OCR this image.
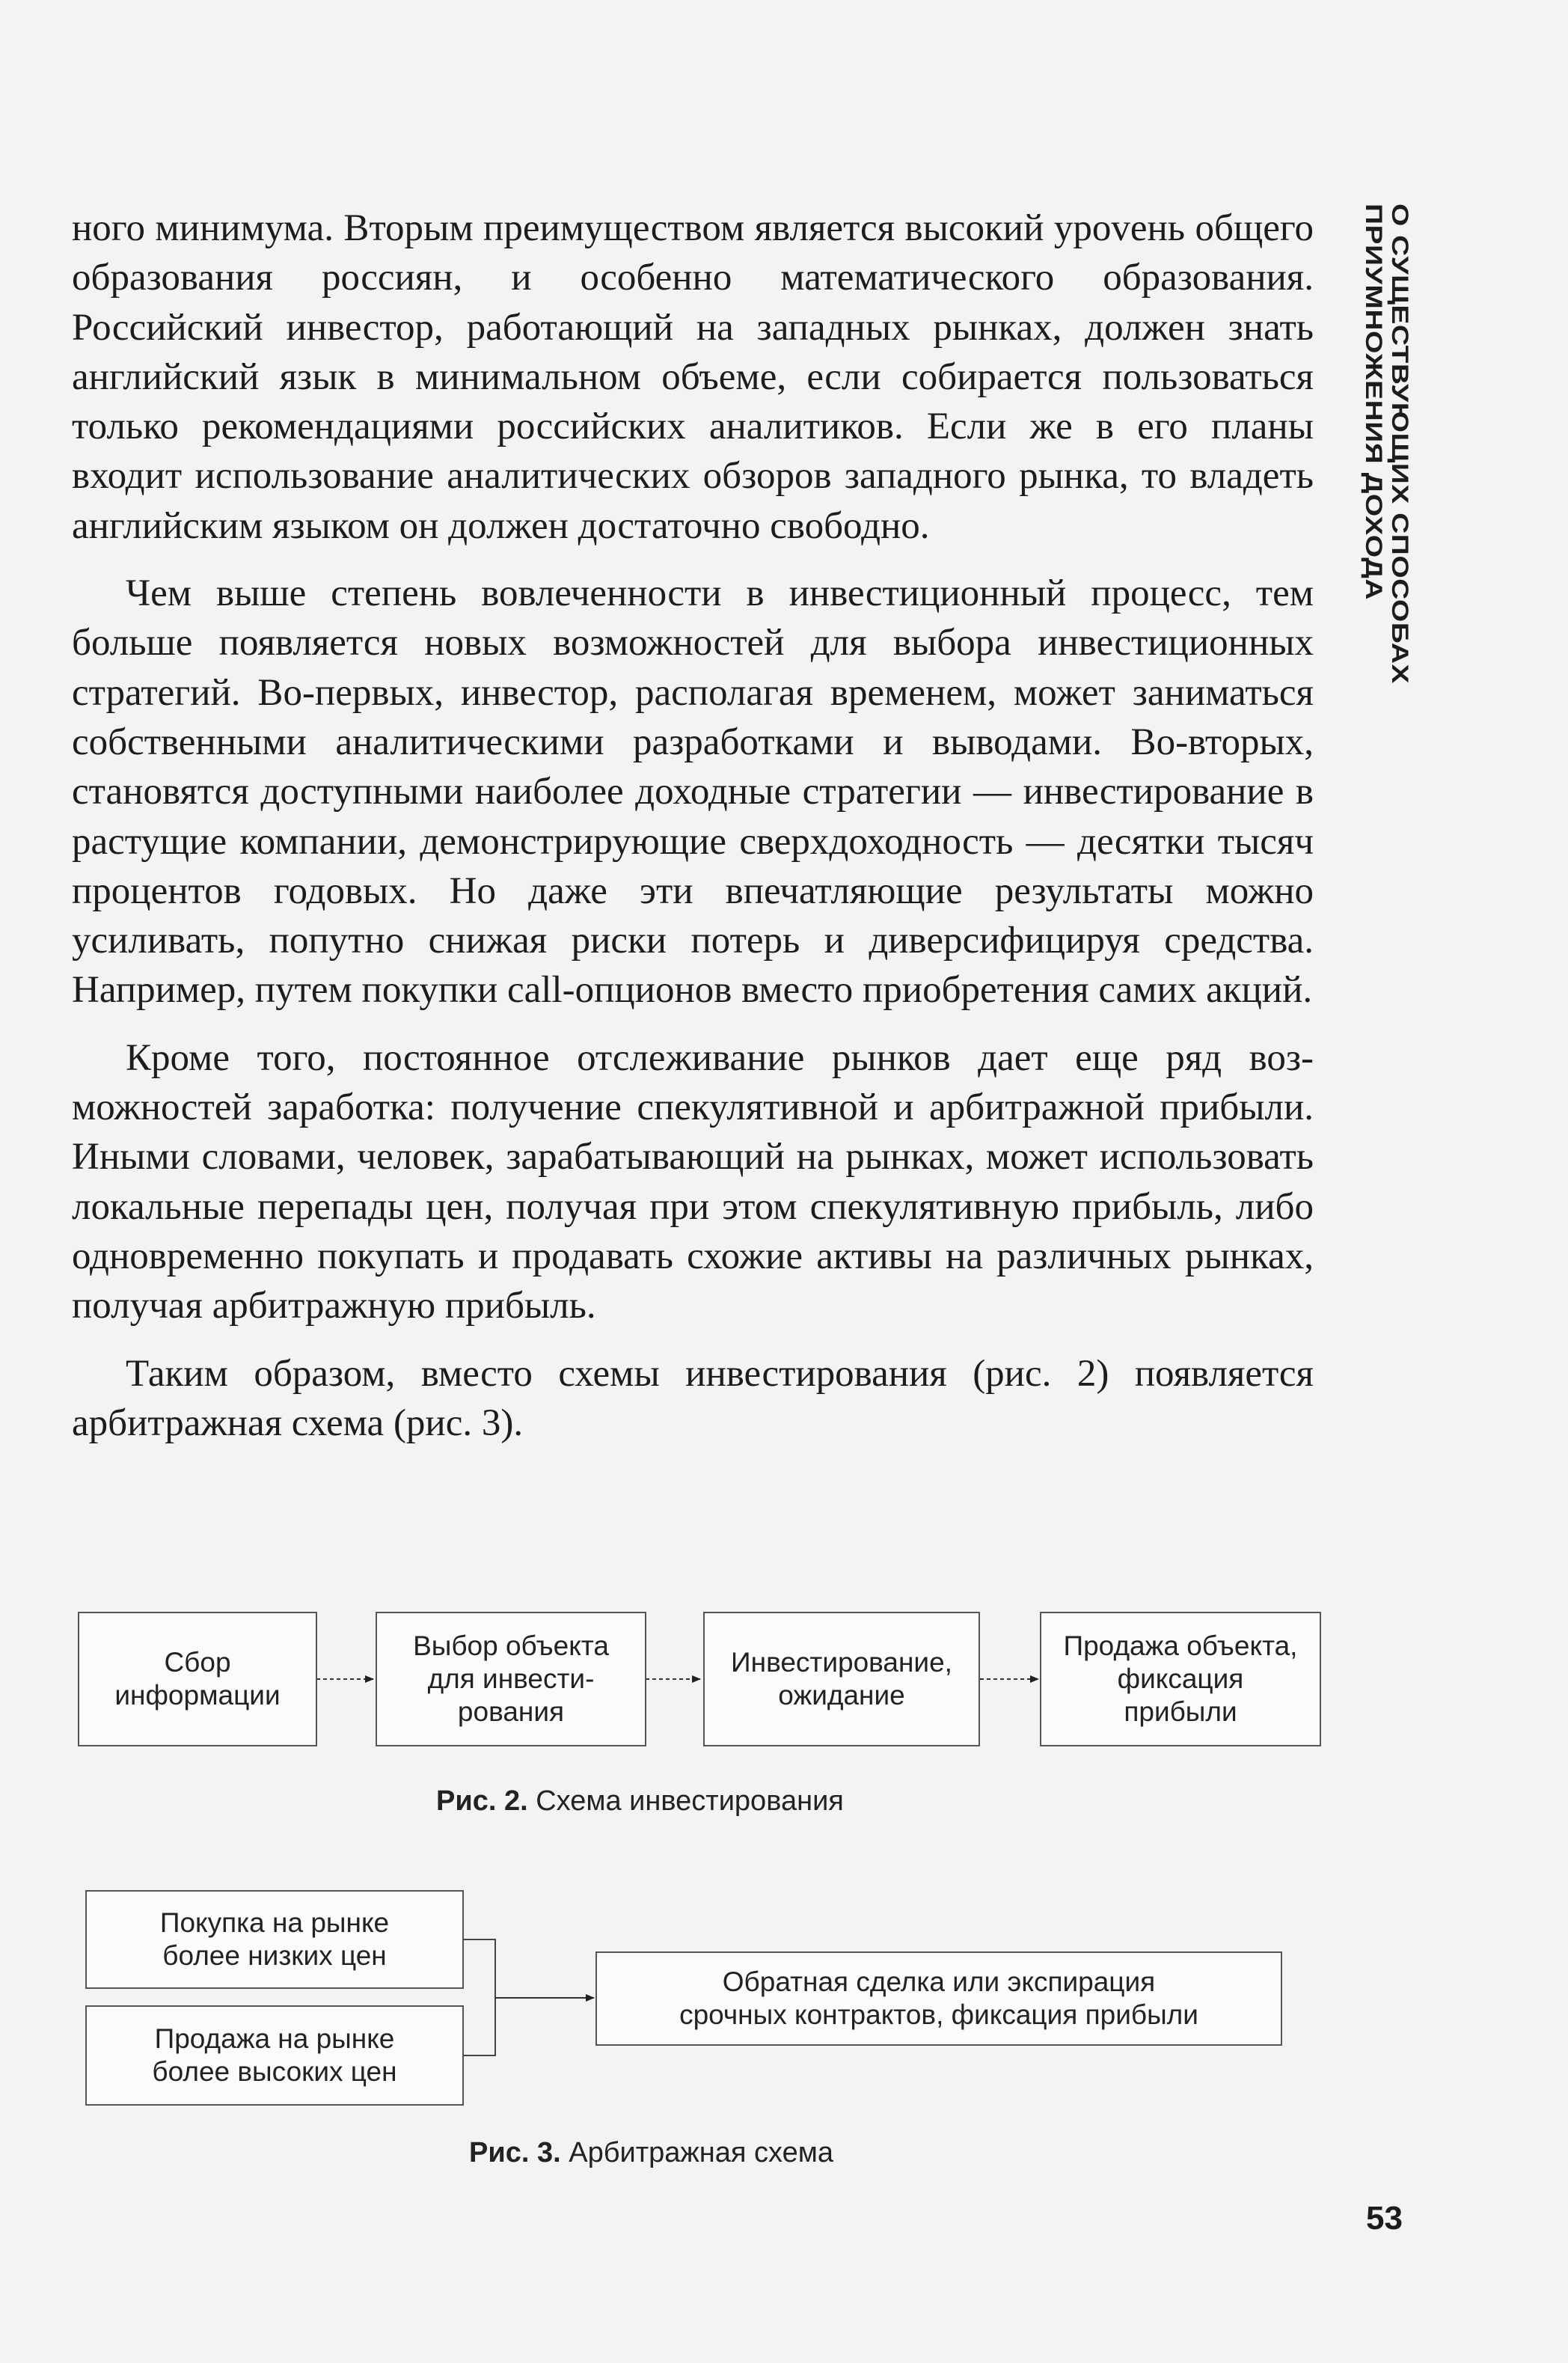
ного минимума. Вторым преимуществом является высокий уроvень общего образования россиян, и особенно математического образования. Российский инвестор, работающий на западных рынках, должен знать английский язык в минимальном объеме, если собирается пользоваться только рекомендациями российских аналитиков. Если же в его планы входит использование аналитических обзоров западного рынка, то владеть английским языком он должен достаточно свободно.

Чем выше степень вовлеченности в инвестиционный процесс, тем больше появляется новых возможностей для выбора инвестиционных стратегий. Во-первых, инвестор, располагая временем, может заниматься собственными аналитическими разработками и выводами. Во-вторых, становятся доступными наиболее доходные стратегии — инвестирование в растущие компании, демонстрирующие сверхдоходность — десятки тысяч процентов годовых. Но даже эти впечатляющие результаты можно усиливать, попутно снижая риски потерь и диверсифицируя средства. Например, путем покупки call-опционов вместо приобретения самих акций.

Кроме того, постоянное отслеживание рынков дает еще ряд возможностей заработка: получение спекулятивной и арбитражной прибыли. Иными словами, человек, зарабатывающий на рынках, может использовать локальные перепады цен, получая при этом спекулятивную прибыль, либо одновременно покупать и продавать схожие активы на различных рынках, получая арбитражную прибыль.

Таким образом, вместо схемы инвестирования (рис. 2) появляется арбитражная схема (рис. 3).

О СУЩЕСТВУЮЩИХ СПОСОБАХ ПРИУМНОЖЕНИЯ ДОХОДА
Сбор
информации
Выбор объекта
для инвести-
рования
Инвестирование,
ожидание
Продажа объекта,
фиксация
прибыли
Рис. 2. Схема инвестирования
Покупка на рынке
более низких цен
Продажа на рынке
более высоких цен
Обратная сделка или экспирация
срочных контрактов, фиксация прибыли
Рис. 3. Арбитражная схема
53
